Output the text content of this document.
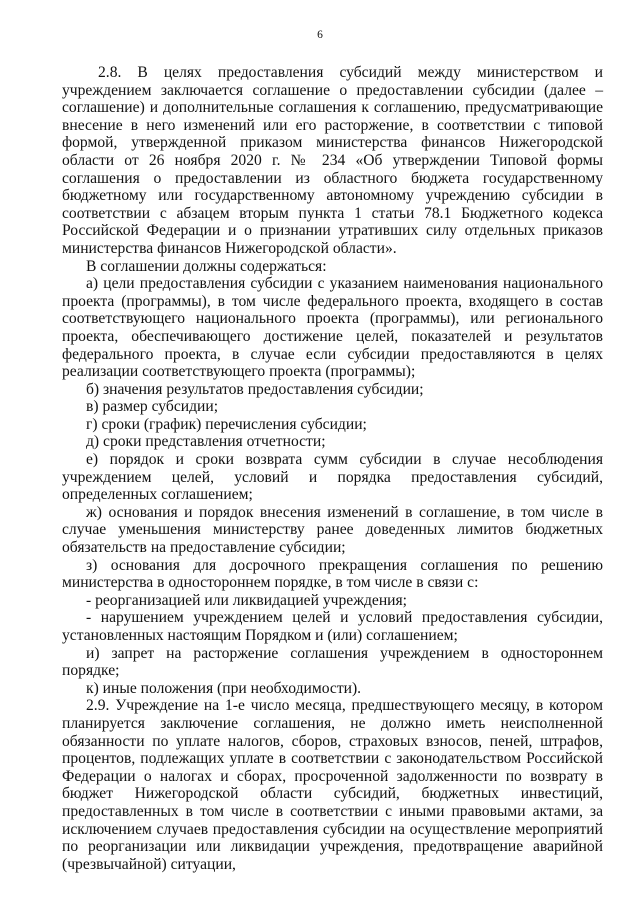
6

2.8. В целях предоставления субсидий между министерством и учреждением заключается соглашение о предоставлении субсидии (далее – соглашение) и дополнительные соглашения к соглашению, предусматривающие внесение в него изменений или его расторжение, в соответствии с типовой формой, утвержденной приказом министерства финансов Нижегородской области от 26 ноября 2020 г. № 234 «Об утверждении Типовой формы соглашения о предоставлении из областного бюджета государственному бюджетному или государственному автономному учреждению субсидии в соответствии с абзацем вторым пункта 1 статьи 78.1 Бюджетного кодекса Российской Федерации и о признании утративших силу отдельных приказов министерства финансов Нижегородской области».

В соглашении должны содержаться:

а) цели предоставления субсидии с указанием наименования национального проекта (программы), в том числе федерального проекта, входящего в состав соответствующего национального проекта (программы), или регионального проекта, обеспечивающего достижение целей, показателей и результатов федерального проекта, в случае если субсидии предоставляются в целях реализации соответствующего проекта (программы);

б) значения результатов предоставления субсидии;

в) размер субсидии;

г) сроки (график) перечисления субсидии;

д) сроки представления отчетности;

е) порядок и сроки возврата сумм субсидии в случае несоблюдения учреждением целей, условий и порядка предоставления субсидий, определенных соглашением;

ж) основания и порядок внесения изменений в соглашение, в том числе в случае уменьшения министерству ранее доведенных лимитов бюджетных обязательств на предоставление субсидии;

з) основания для досрочного прекращения соглашения по решению министерства в одностороннем порядке, в том числе в связи с:

- реорганизацией или ликвидацией учреждения;

- нарушением учреждением целей и условий предоставления субсидии, установленных настоящим Порядком и (или) соглашением;

и) запрет на расторжение соглашения учреждением в одностороннем порядке;

к) иные положения (при необходимости).

2.9. Учреждение на 1-е число месяца, предшествующего месяцу, в котором планируется заключение соглашения, не должно иметь неисполненной обязанности по уплате налогов, сборов, страховых взносов, пеней, штрафов, процентов, подлежащих уплате в соответствии с законодательством Российской Федерации о налогах и сборах, просроченной задолженности по возврату в бюджет Нижегородской области субсидий, бюджетных инвестиций, предоставленных в том числе в соответствии с иными правовыми актами, за исключением случаев предоставления субсидии на осуществление мероприятий по реорганизации или ликвидации учреждения, предотвращение аварийной (чрезвычайной) ситуации,
